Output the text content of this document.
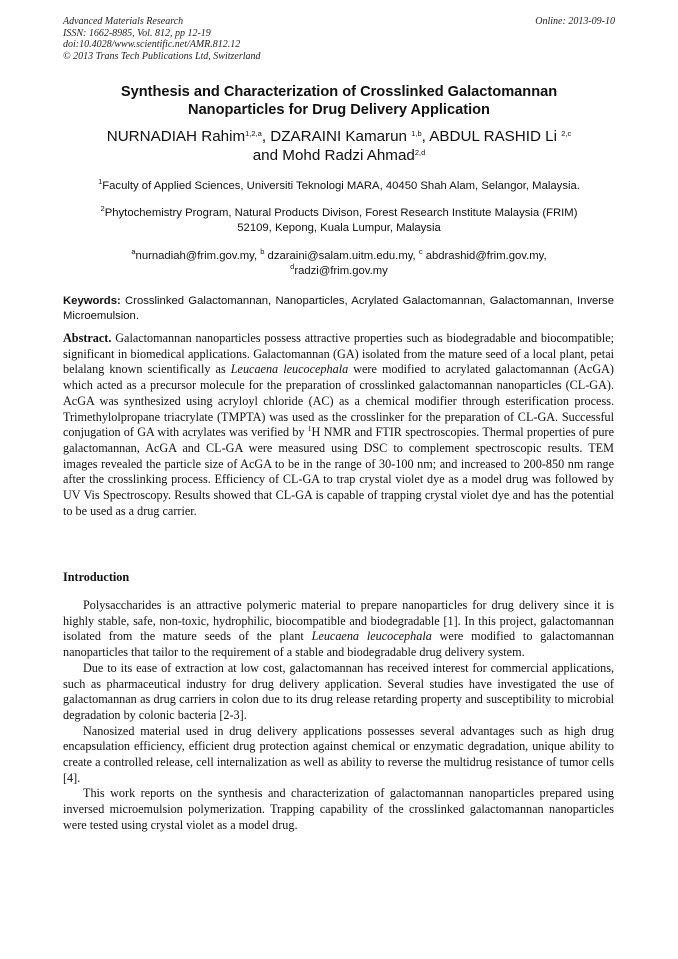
Advanced Materials Research
ISSN: 1662-8985, Vol. 812, pp 12-19
doi:10.4028/www.scientific.net/AMR.812.12
© 2013 Trans Tech Publications Ltd, Switzerland
Online: 2013-09-10
Synthesis and Characterization of Crosslinked Galactomannan
Nanoparticles for Drug Delivery Application
NURNADIAH Rahim$^{1,2,a}$, DZARAINI Kamarun $^{1,b}$, ABDUL RASHID Li $^{2,c}$
and Mohd Radzi Ahmad$^{2,d}$
$^1$Faculty of Applied Sciences, Universiti Teknologi MARA, 40450 Shah Alam, Selangor, Malaysia.
$^2$Phytochemistry Program, Natural Products Divison, Forest Research Institute Malaysia (FRIM)
52109, Kepong, Kuala Lumpur, Malaysia
$^a$nurnadiah@frim.gov.my, $^b$ dzaraini@salam.uitm.edu.my, $^c$ abdrashid@frim.gov.my,
$^d$radzi@frim.gov.my
Keywords: Crosslinked Galactomannan, Nanoparticles, Acrylated Galactomannan, Galactomannan, Inverse Microemulsion.
Abstract. Galactomannan nanoparticles possess attractive properties such as biodegradable and biocompatible; significant in biomedical applications. Galactomannan (GA) isolated from the mature seed of a local plant, petai belalang known scientifically as Leucaena leucocephala were modified to acrylated galactomannan (AcGA) which acted as a precursor molecule for the preparation of crosslinked galactomannan nanoparticles (CL-GA). AcGA was synthesized using acryloyl chloride (AC) as a chemical modifier through esterification process. Trimethylolpropane triacrylate (TMPTA) was used as the crosslinker for the preparation of CL-GA. Successful conjugation of GA with acrylates was verified by $^1$H NMR and FTIR spectroscopies. Thermal properties of pure galactomannan, AcGA and CL-GA were measured using DSC to complement spectroscopic results. TEM images revealed the particle size of AcGA to be in the range of 30-100 nm; and increased to 200-850 nm range after the crosslinking process. Efficiency of CL-GA to trap crystal violet dye as a model drug was followed by UV Vis Spectroscopy. Results showed that CL-GA is capable of trapping crystal violet dye and has the potential to be used as a drug carrier.
Introduction

Polysaccharides is an attractive polymeric material to prepare nanoparticles for drug delivery since it is highly stable, safe, non-toxic, hydrophilic, biocompatible and biodegradable [1]. In this project, galactomannan isolated from the mature seeds of the plant Leucaena leucocephala were modified to galactomannan nanoparticles that tailor to the requirement of a stable and biodegradable drug delivery system.

Due to its ease of extraction at low cost, galactomannan has received interest for commercial applications, such as pharmaceutical industry for drug delivery application. Several studies have investigated the use of galactomannan as drug carriers in colon due to its drug release retarding property and susceptibility to microbial degradation by colonic bacteria [2-3].

Nanosized material used in drug delivery applications possesses several advantages such as high drug encapsulation efficiency, efficient drug protection against chemical or enzymatic degradation, unique ability to create a controlled release, cell internalization as well as ability to reverse the multidrug resistance of tumor cells [4].

This work reports on the synthesis and characterization of galactomannan nanoparticles prepared using inversed microemulsion polymerization. Trapping capability of the crosslinked galactomannan nanoparticles were tested using crystal violet as a model drug.
